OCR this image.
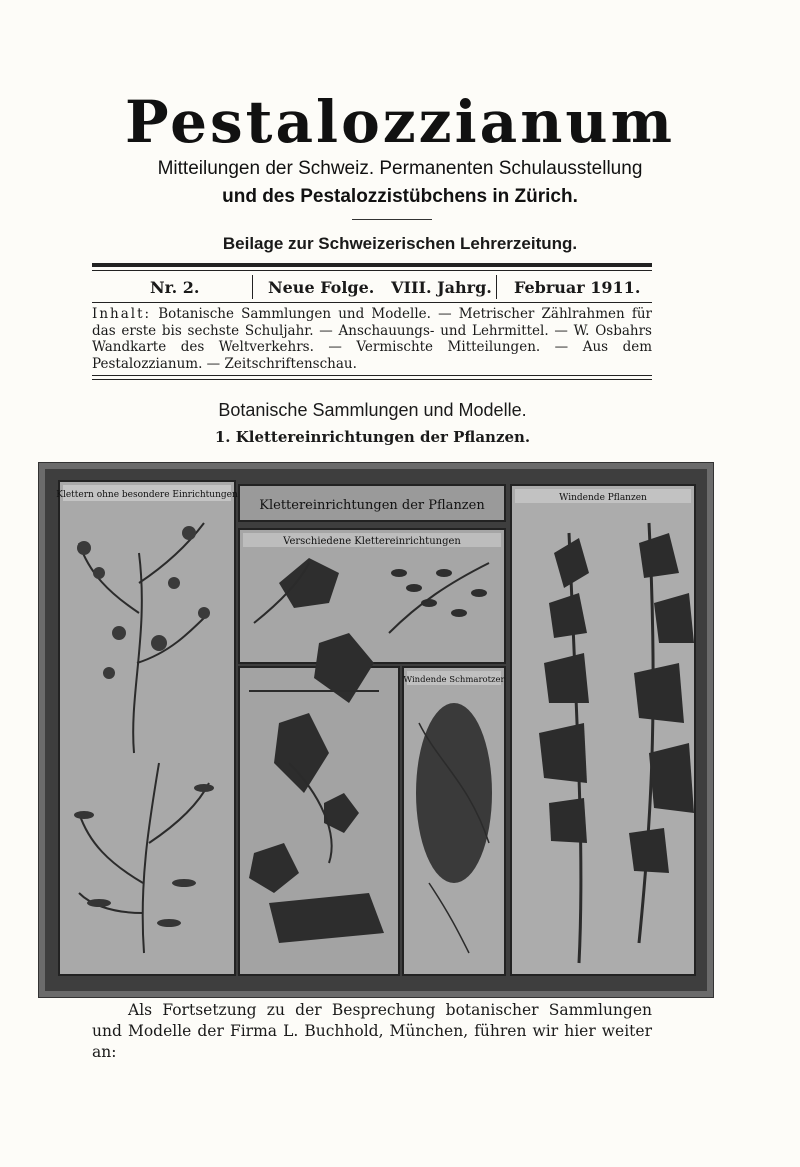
Pestalozzianum
Mitteilungen der Schweiz. Permanenten Schulausstellung
und des Pestalozzistübchens in Zürich.
Beilage zur Schweizerischen Lehrerzeitung.
Nr. 2.	Neue Folge.   VIII. Jahrg. Februar 1911.
Inhalt: Botanische Sammlungen und Modelle. — Metrischer Zählrahmen für das erste bis sechste Schuljahr. — Anschauungs- und Lehrmittel. — W. Osbahrs Wandkarte des Weltverkehrs. — Vermischte Mitteilungen. — Aus dem Pestalozzianum. — Zeitschriftenschau.
Botanische Sammlungen und Modelle.
1. Klettereinrichtungen der Pflanzen.
Klettern ohne besondere Einrichtungen
Klettereinrichtungen der Pflanzen
Verschiedene Klettereinrichtungen
Windende Schmarotzer
Windende Pflanzen
Als Fortsetzung zu der Besprechung botanischer Sammlungen und Modelle der Firma L. Buchhold, München, führen wir hier weiter an:
